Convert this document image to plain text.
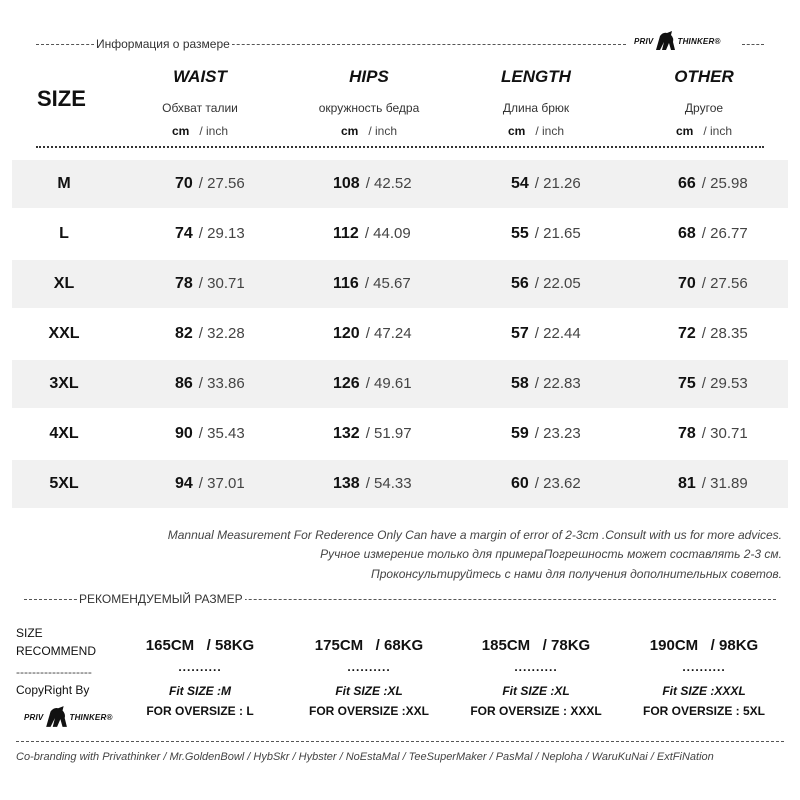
Информация о размере	PRIV	THINKER®
SIZE
WAIST
Обхват талии
cm / inch
HIPS
окружность бедра
cm / inch
LENGTH
Длина брюк
cm / inch
OTHER
Другое
cm / inch
M	70 / 27.56	108 / 42.52	54 / 21.26	66 / 25.98
L	74 / 29.13	112 / 44.09	55 / 21.65	68 / 26.77
XL	78 / 30.71	116 / 45.67	56 / 22.05	70 / 27.56
XXL	82 / 32.28	120 / 47.24	57 / 22.44	72 / 28.35
3XL	86 / 33.86	126 / 49.61	58 / 22.83	75 / 29.53
4XL	90 / 35.43	132 / 51.97	59 / 23.23	78 / 30.71
5XL	94 / 37.01	138 / 54.33	60 / 23.62	81 / 31.89
Mannual Measurement For Rederence Only Can have a margin of error of 2-3cm .Consult with us for more advices.
Ручное измерение только для примераПогрешность может составлять 2-3 см.
Проконсультируйтесь с нами для получения дополнительных советов.
РЕКОМЕНДУЕМЫЙ РАЗМЕР
SIZE
RECOMMEND
-------------------
CopyRight By
PRIV	THINKER®
165CM / 58KG
..........
Fit SIZE :M
FOR OVERSIZE : L
175CM / 68KG
..........
Fit SIZE :XL
FOR OVERSIZE :XXL
185CM / 78KG
..........
Fit SIZE :XL
FOR OVERSIZE : XXXL
190CM / 98KG
..........
Fit SIZE :XXXL
FOR OVERSIZE : 5XL
Co-branding with Privathinker / Mr.GoldenBowl / HybSkr / Hybster / NoEstaMal / TeeSuperMaker / PasMal / Neploha / WaruKuNai / ExtFiNation
